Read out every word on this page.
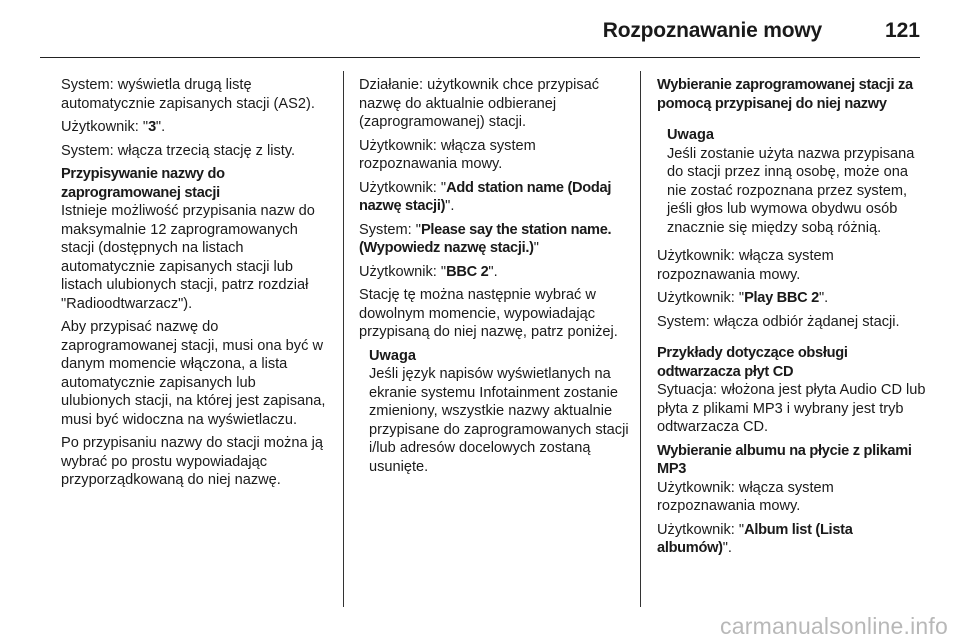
Rozpoznawanie mowy	121

System: wyświetla drugą listę automatycznie zapisanych stacji (AS2).

Użytkownik: "3".

System: włącza trzecią stację z listy.

Przypisywanie nazwy do zaprogramowanej stacji

Istnieje możliwość przypisania nazw do maksymalnie 12 zaprogramowanych stacji (dostępnych na listach automatycznie zapisanych stacji lub listach ulubionych stacji, patrz rozdział "Radioodtwarzacz").

Aby przypisać nazwę do zaprogramowanej stacji, musi ona być w danym momencie włączona, a lista automatycznie zapisanych lub ulubionych stacji, na której jest zapisana, musi być widoczna na wyświetlaczu.

Po przypisaniu nazwy do stacji można ją wybrać po prostu wypowiadając przyporządkowaną do niej nazwę.

Działanie: użytkownik chce przypisać nazwę do aktualnie odbieranej (zaprogramowanej) stacji.

Użytkownik: włącza system rozpoznawania mowy.

Użytkownik: "Add station name (Dodaj nazwę stacji)".

System: "Please say the station name. (Wypowiedz nazwę stacji.)"

Użytkownik: "BBC 2".

Stację tę można następnie wybrać w dowolnym momencie, wypowiadając przypisaną do niej nazwę, patrz poniżej.

Uwaga

Jeśli język napisów wyświetlanych na ekranie systemu Infotainment zostanie zmieniony, wszystkie nazwy aktualnie przypisane do zaprogramowanych stacji i/lub adresów docelowych zostaną usunięte.

Wybieranie zaprogramowanej stacji za pomocą przypisanej do niej nazwy

Uwaga

Jeśli zostanie użyta nazwa przypisana do stacji przez inną osobę, może ona nie zostać rozpoznana przez system, jeśli głos lub wymowa obydwu osób znacznie się między sobą różnią.

Użytkownik: włącza system rozpoznawania mowy.

Użytkownik: "Play BBC 2".

System: włącza odbiór żądanej stacji.

Przykłady dotyczące obsługi odtwarzacza płyt CD

Sytuacja: włożona jest płyta Audio CD lub płyta z plikami MP3 i wybrany jest tryb odtwarzacza CD.

Wybieranie albumu na płycie z plikami MP3

Użytkownik: włącza system rozpoznawania mowy.

Użytkownik: "Album list (Lista albumów)".

carmanualsonline.info
